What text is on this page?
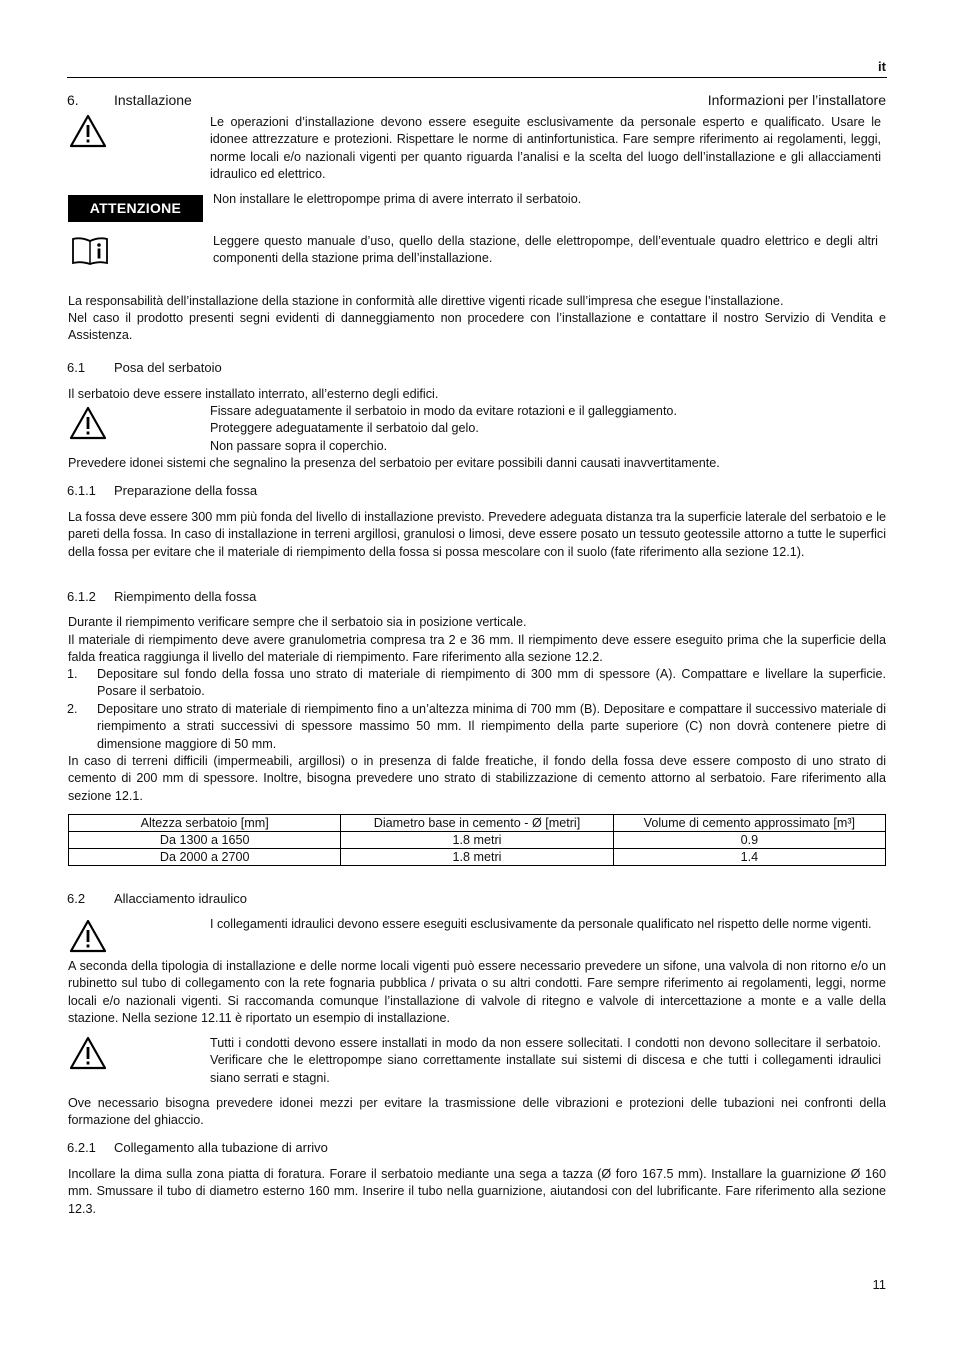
it
6.	Installazione	Informazioni per l’installatore
Le operazioni d’installazione devono essere eseguite esclusivamente da personale esperto e qualificato. Usare le idonee attrezzature e protezioni. Rispettare le norme di antinfortunistica. Fare sempre riferimento ai regolamenti, leggi, norme locali e/o nazionali vigenti per quanto riguarda l’analisi e la scelta del luogo dell’installazione e gli allacciamenti idraulico ed elettrico.
ATTENZIONE
Non installare le elettropompe prima di avere interrato il serbatoio.
Leggere questo manuale d’uso, quello della stazione, delle elettropompe, dell’eventuale quadro elettrico e degli altri componenti della stazione prima dell’installazione.
La responsabilità dell’installazione della stazione in conformità alle direttive vigenti ricade sull’impresa che esegue l’installazione.
Nel caso il prodotto presenti segni evidenti di danneggiamento non procedere con l’installazione e contattare il nostro Servizio di Vendita e Assistenza.
6.1 Posa del serbatoio
Il serbatoio deve essere installato interrato, all’esterno degli edifici.
Fissare adeguatamente il serbatoio in modo da evitare rotazioni e il galleggiamento.
Proteggere adeguatamente il serbatoio dal gelo.
Non passare sopra il coperchio.
Prevedere idonei sistemi che segnalino la presenza del serbatoio per evitare possibili danni causati inavvertitamente.
6.1.1 Preparazione della fossa
La fossa deve essere 300 mm più fonda del livello di installazione previsto. Prevedere adeguata distanza tra la superficie laterale del serbatoio e le pareti della fossa. In caso di installazione in terreni argillosi, granulosi o limosi, deve essere posato un tessuto geotessile attorno a tutte le superfici della fossa per evitare che il materiale di riempimento della fossa si possa mescolare con il suolo (fate riferimento alla sezione 12.1).
6.1.2 Riempimento della fossa
Durante il riempimento verificare sempre che il serbatoio sia in posizione verticale.
Il materiale di riempimento deve avere granulometria compresa tra 2 e 36 mm. Il riempimento deve essere eseguito prima che la superficie della falda freatica raggiunga il livello del materiale di riempimento. Fare riferimento alla sezione 12.2.
1.	Depositare sul fondo della fossa uno strato di materiale di riempimento di 300 mm di spessore (A). Compattare e livellare la superficie. Posare il serbatoio.
2.	Depositare uno strato di materiale di riempimento fino a un’altezza minima di 700 mm (B). Depositare e compattare il successivo materiale di riempimento a strati successivi di spessore massimo 50 mm. Il riempimento della parte superiore (C) non dovrà contenere pietre di dimensione maggiore di 50 mm.
In caso di terreni difficili (impermeabili, argillosi) o in presenza di falde freatiche, il fondo della fossa deve essere composto di uno strato di cemento di 200 mm di spessore. Inoltre, bisogna prevedere uno strato di stabilizzazione di cemento attorno al serbatoio. Fare riferimento alla sezione 12.1.
Altezza serbatoio [mm]	Diametro base in cemento - Ø [metri]	Volume di cemento approssimato [m³]
Da 1300 a 1650	1.8 metri	0.9
Da 2000 a 2700	1.8 metri	1.4
6.2 Allacciamento idraulico
I collegamenti idraulici devono essere eseguiti esclusivamente da personale qualificato nel rispetto delle norme vigenti.
A seconda della tipologia di installazione e delle norme locali vigenti può essere necessario prevedere un sifone, una valvola di non ritorno e/o un rubinetto sul tubo di collegamento con la rete fognaria pubblica / privata o su altri condotti. Fare sempre riferimento ai regolamenti, leggi, norme locali e/o nazionali vigenti. Si raccomanda comunque l’installazione di valvole di ritegno e valvole di intercettazione a monte e a valle della stazione. Nella sezione 12.11 è riportato un esempio di installazione.
Tutti i condotti devono essere installati in modo da non essere sollecitati. I condotti non devono sollecitare il serbatoio. Verificare che le elettropompe siano correttamente installate sui sistemi di discesa e che tutti i collegamenti idraulici siano serrati e stagni.
Ove necessario bisogna prevedere idonei mezzi per evitare la trasmissione delle vibrazioni e protezioni delle tubazioni nei confronti della formazione del ghiaccio.
6.2.1 Collegamento alla tubazione di arrivo
Incollare la dima sulla zona piatta di foratura. Forare il serbatoio mediante una sega a tazza (Ø foro 167.5 mm). Installare la guarnizione Ø 160 mm. Smussare il tubo di diametro esterno 160 mm. Inserire il tubo nella guarnizione, aiutandosi con del lubrificante. Fare riferimento alla sezione 12.3.
11
